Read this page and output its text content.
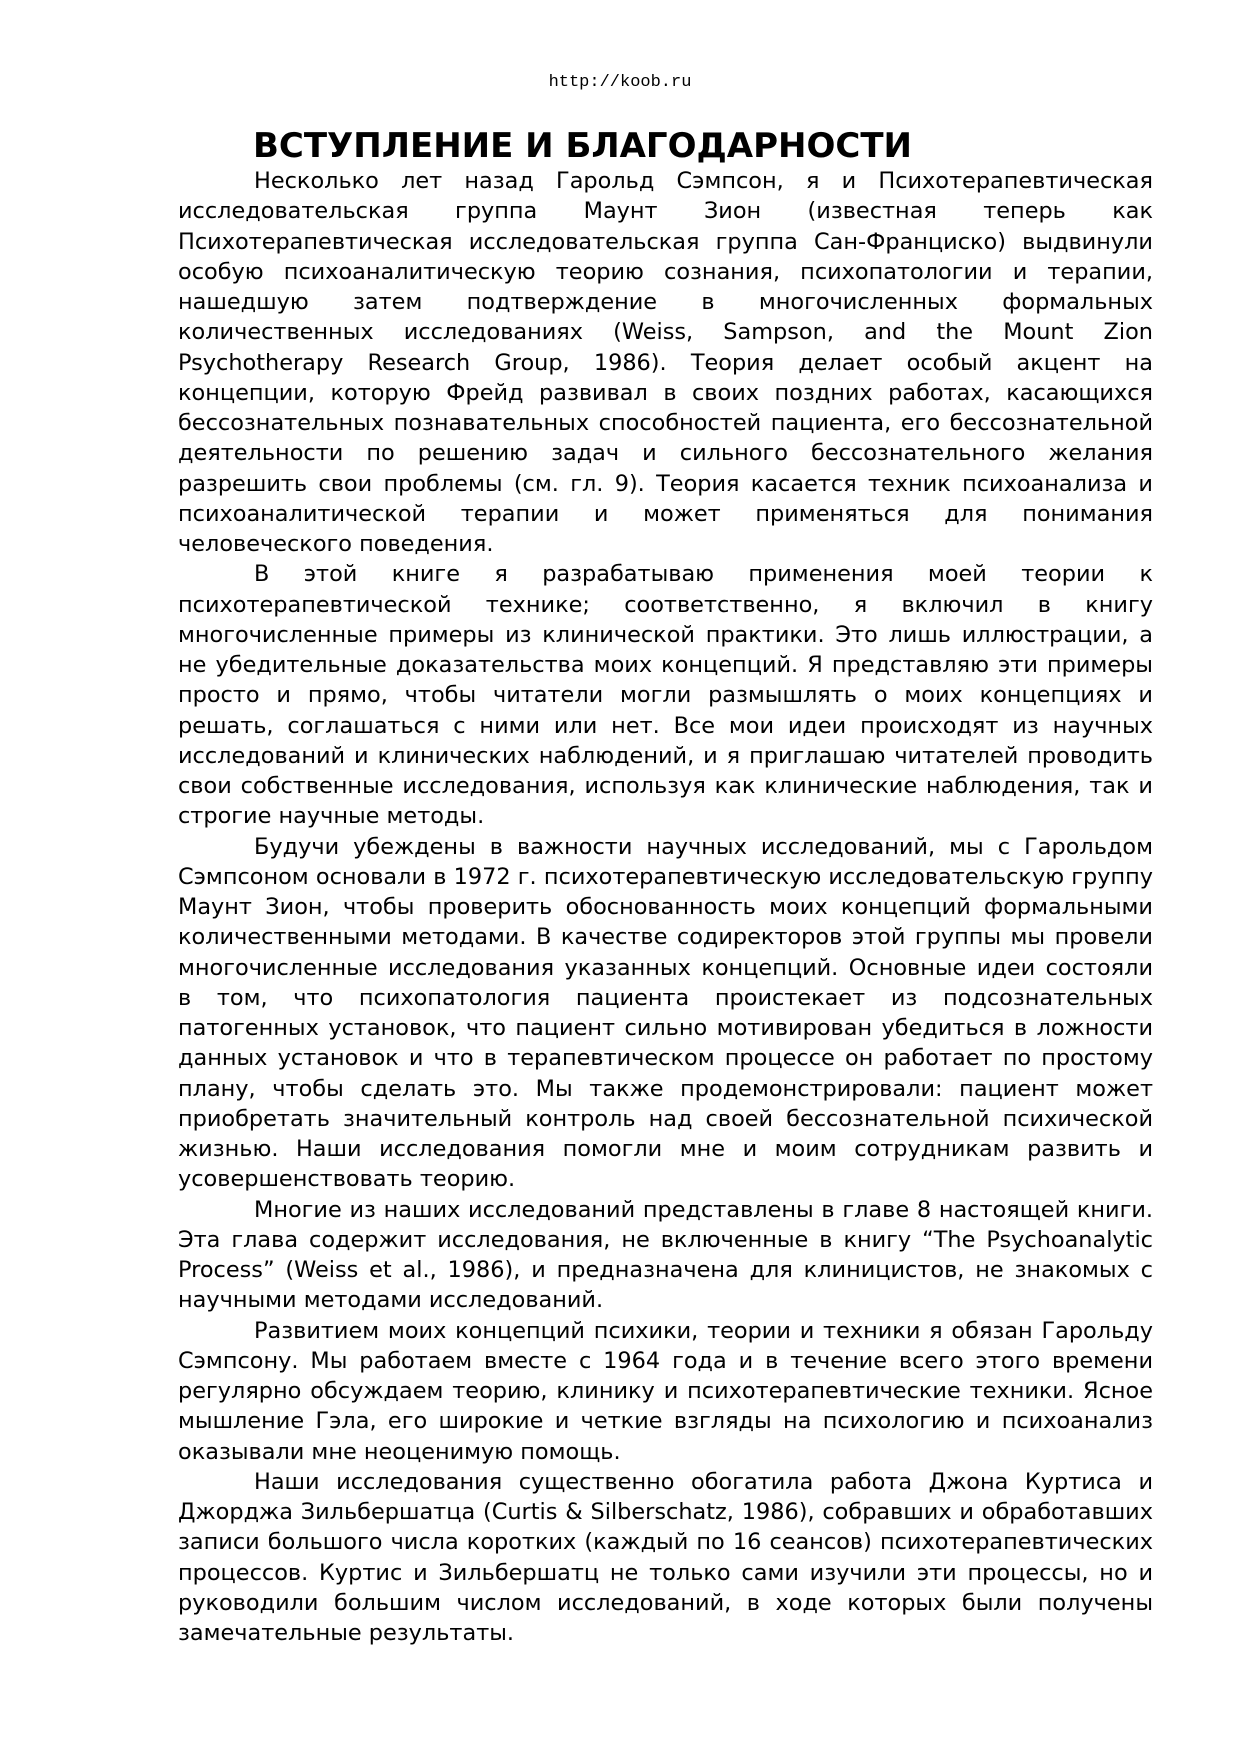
http://koob.ru
ВСТУПЛЕНИЕ И БЛАГОДАРНОСТИ

Несколько лет назад Гарольд Сэмпсон, я и Психотерапевтическая исследовательская группа Маунт Зион (известная теперь как Психотерапевтическая исследовательская группа Сан-Франциско) выдвинули особую психоаналитическую теорию сознания, психопатологии и терапии, нашедшую затем подтверждение в многочисленных формальных количественных исследованиях (Weiss, Sampson, and the Mount Zion Psychotherapy Research Group, 1986). Теория делает особый акцент на концепции, которую Фрейд развивал в своих поздних работах, касающихся бессознательных познавательных способностей пациента, его бессознательной деятельности по решению задач и сильного бессознательного желания разрешить свои проблемы (см. гл. 9). Теория касается техник психоанализа и психоаналитической терапии и может применяться для понимания человеческого поведения.

В этой книге я разрабатываю применения моей теории к психотерапевтической технике; соответственно, я включил в книгу многочисленные примеры из клинической практики. Это лишь иллюстрации, а не убедительные доказательства моих концепций. Я представляю эти примеры просто и прямо, чтобы читатели могли размышлять о моих концепциях и решать, соглашаться с ними или нет. Все мои идеи происходят из научных исследований и клинических наблюдений, и я приглашаю читателей проводить свои собственные исследования, используя как клинические наблюдения, так и строгие научные методы.

Будучи убеждены в важности научных исследований, мы с Гарольдом Сэмпсоном основали в 1972 г. психотерапевтическую исследовательскую группу Маунт Зион, чтобы проверить обоснованность моих концепций формальными количественными методами. В качестве содиректоров этой группы мы провели многочисленные исследования указанных концепций. Основные идеи состояли в том, что психопатология пациента проистекает из подсознательных патогенных установок, что пациент сильно мотивирован убедиться в ложности данных установок и что в терапевтическом процессе он работает по простому плану, чтобы сделать это. Мы также продемонстрировали: пациент может приобретать значительный контроль над своей бессознательной психической жизнью. Наши исследования помогли мне и моим сотрудникам развить и усовершенствовать теорию.

Многие из наших исследований представлены в главе 8 настоящей книги. Эта глава содержит исследования, не включенные в книгу “The Psychoanalytic Process” (Weiss et al., 1986), и предназначена для клиницистов, не знакомых с научными методами исследований.

Развитием моих концепций психики, теории и техники я обязан Гарольду Сэмпсону. Мы работаем вместе с 1964 года и в течение всего этого времени регулярно обсуждаем теорию, клинику и психотерапевтические техники. Ясное мышление Гэла, его широкие и четкие взгляды на психологию и психоанализ оказывали мне неоценимую помощь.

Наши исследования существенно обогатила работа Джона Куртиса и Джорджа Зильбершатца (Curtis & Silberschatz, 1986), собравших и обработавших записи большого числа коротких (каждый по 16 сеансов) психотерапевтических процессов. Куртис и Зильбершатц не только сами изучили эти процессы, но и руководили большим числом исследований, в ходе которых были получены замечательные результаты.
